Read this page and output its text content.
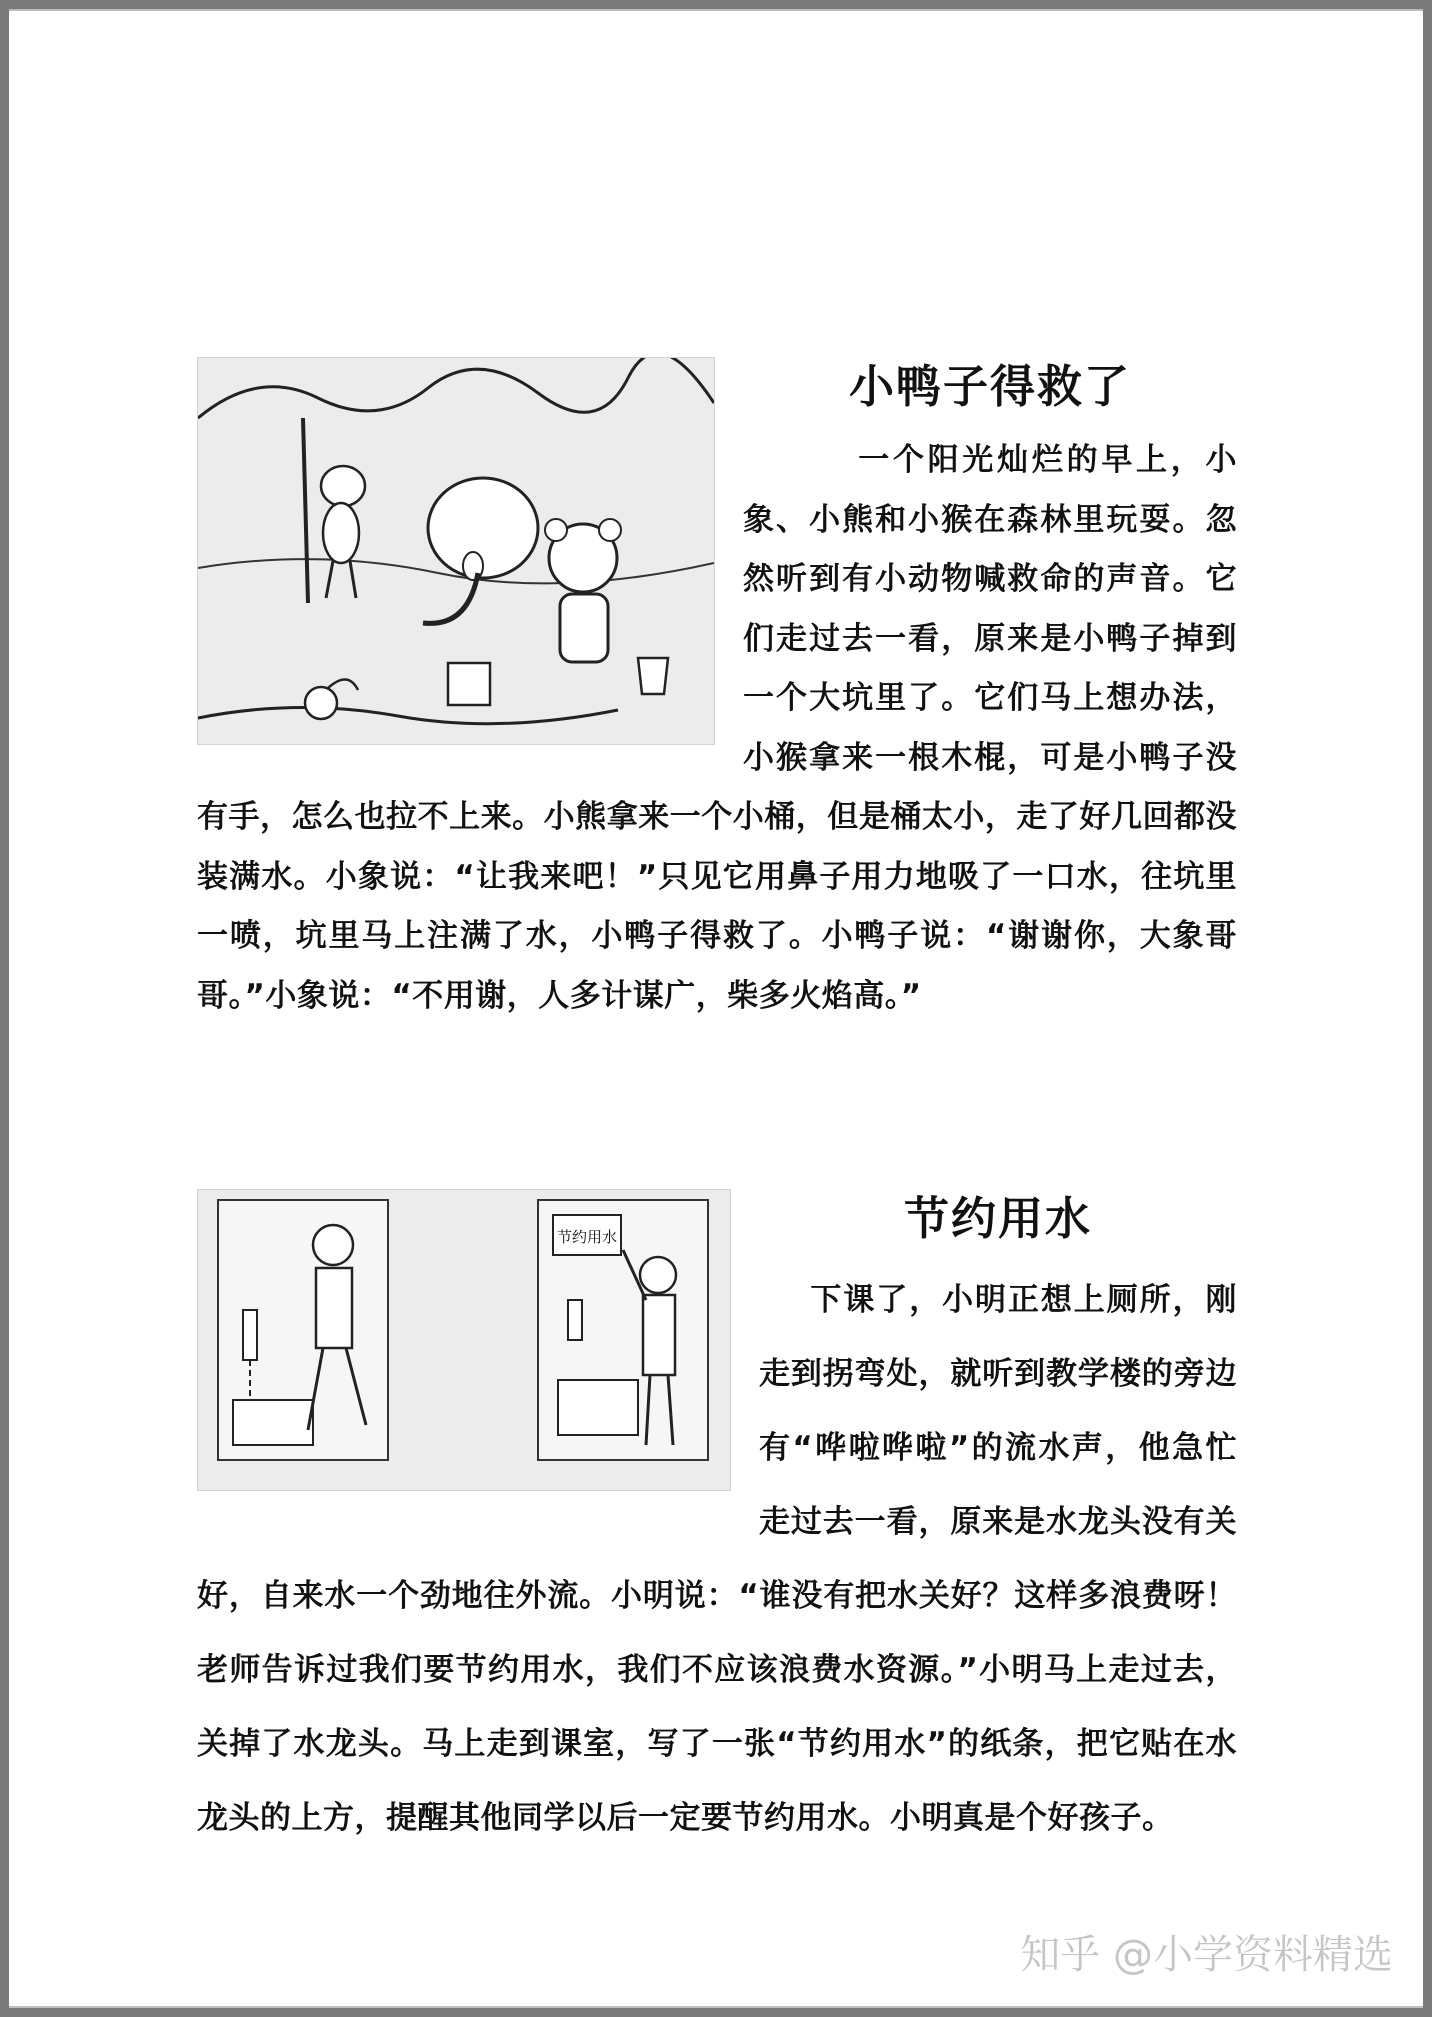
小鸭子得救了

一个阳光灿烂的早上，小象、小熊和小猴在森林里玩耍。忽然听到有小动物喊救命的声音。它们走过去一看，原来是小鸭子掉到一个大坑里了。它们马上想办法，小猴拿来一根木棍，可是小鸭子没有手，怎么也拉不上来。小熊拿来一个小桶，但是桶太小，走了好几回都没装满水。小象说：“让我来吧！”只见它用鼻子用力地吸了一口水，往坑里一喷，坑里马上注满了水，小鸭子得救了。小鸭子说：“谢谢你，大象哥哥。”小象说：“不用谢，人多计谋广，柴多火焰高。”

节约用水	节约用水

下课了，小明正想上厕所，刚走到拐弯处，就听到教学楼的旁边有“哗啦哗啦”的流水声，他急忙走过去一看，原来是水龙头没有关好，自来水一个劲地往外流。小明说：“谁没有把水关好？这样多浪费呀！老师告诉过我们要节约用水，我们不应该浪费水资源。”小明马上走过去，关掉了水龙头。马上走到课室，写了一张“节约用水”的纸条，把它贴在水龙头的上方，提醒其他同学以后一定要节约用水。小明真是个好孩子。

知乎 @小学资料精选
